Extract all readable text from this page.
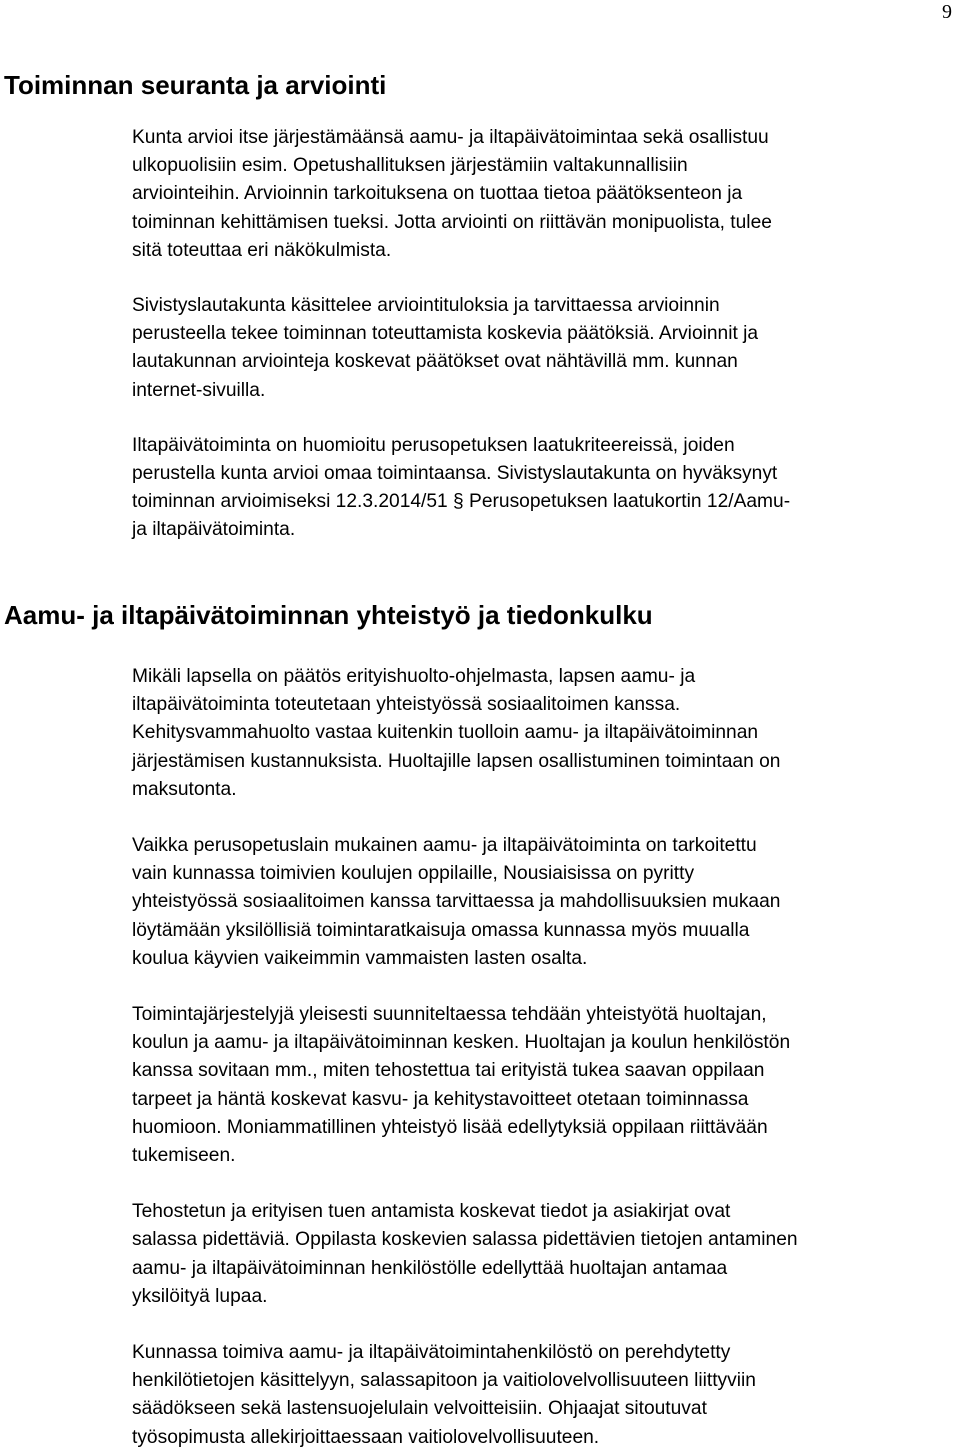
9
Toiminnan seuranta ja arviointi

Kunta arvioi itse järjestämäänsä aamu- ja iltapäivätoimintaa sekä osallistuu
ulkopuolisiin esim. Opetushallituksen järjestämiin valtakunnallisiin
arviointeihin. Arvioinnin tarkoituksena on tuottaa tietoa päätöksenteon ja
toiminnan kehittämisen tueksi. Jotta arviointi on riittävän monipuolista, tulee
sitä toteuttaa eri näkökulmista.

Sivistyslautakunta käsittelee arviointituloksia ja tarvittaessa arvioinnin
perusteella tekee toiminnan toteuttamista koskevia päätöksiä. Arvioinnit ja
lautakunnan arviointeja koskevat päätökset ovat nähtävillä mm. kunnan
internet-sivuilla.

Iltapäivätoiminta on huomioitu perusopetuksen laatukriteereissä, joiden
perustella kunta arvioi omaa toimintaansa. Sivistyslautakunta on hyväksynyt
toiminnan arvioimiseksi 12.3.2014/51 § Perusopetuksen laatukortin 12/Aamu-
ja iltapäivätoiminta.

Aamu- ja iltapäivätoiminnan yhteistyö ja tiedonkulku

Mikäli lapsella on päätös erityishuolto-ohjelmasta, lapsen aamu- ja
iltapäivätoiminta toteutetaan yhteistyössä sosiaalitoimen kanssa.
Kehitysvammahuolto vastaa kuitenkin tuolloin aamu- ja iltapäivätoiminnan
järjestämisen kustannuksista. Huoltajille lapsen osallistuminen toimintaan on
maksutonta.

Vaikka perusopetuslain mukainen aamu- ja iltapäivätoiminta on tarkoitettu
vain kunnassa toimivien koulujen oppilaille, Nousiaisissa on pyritty
yhteistyössä sosiaalitoimen kanssa tarvittaessa ja mahdollisuuksien mukaan
löytämään yksilöllisiä toimintaratkaisuja omassa kunnassa myös muualla
koulua käyvien vaikeimmin vammaisten lasten osalta.

Toimintajärjestelyjä yleisesti suunniteltaessa tehdään yhteistyötä huoltajan,
koulun ja aamu- ja iltapäivätoiminnan kesken. Huoltajan ja koulun henkilöstön
kanssa sovitaan mm., miten tehostettua tai erityistä tukea saavan oppilaan
tarpeet ja häntä koskevat kasvu- ja kehitystavoitteet otetaan toiminnassa
huomioon. Moniammatillinen yhteistyö lisää edellytyksiä oppilaan riittävään
tukemiseen.

Tehostetun ja erityisen tuen antamista koskevat tiedot ja asiakirjat ovat
salassa pidettäviä. Oppilasta koskevien salassa pidettävien tietojen antaminen
aamu- ja iltapäivätoiminnan henkilöstölle edellyttää huoltajan antamaa
yksilöityä lupaa.

Kunnassa toimiva aamu- ja iltapäivätoimintahenkilöstö on perehdytetty
henkilötietojen käsittelyyn, salassapitoon ja vaitiolovelvollisuuteen liittyviin
säädökseen sekä lastensuojelulain velvoitteisiin. Ohjaajat sitoutuvat
työsopimusta allekirjoittaessaan vaitiolovelvollisuuteen.
